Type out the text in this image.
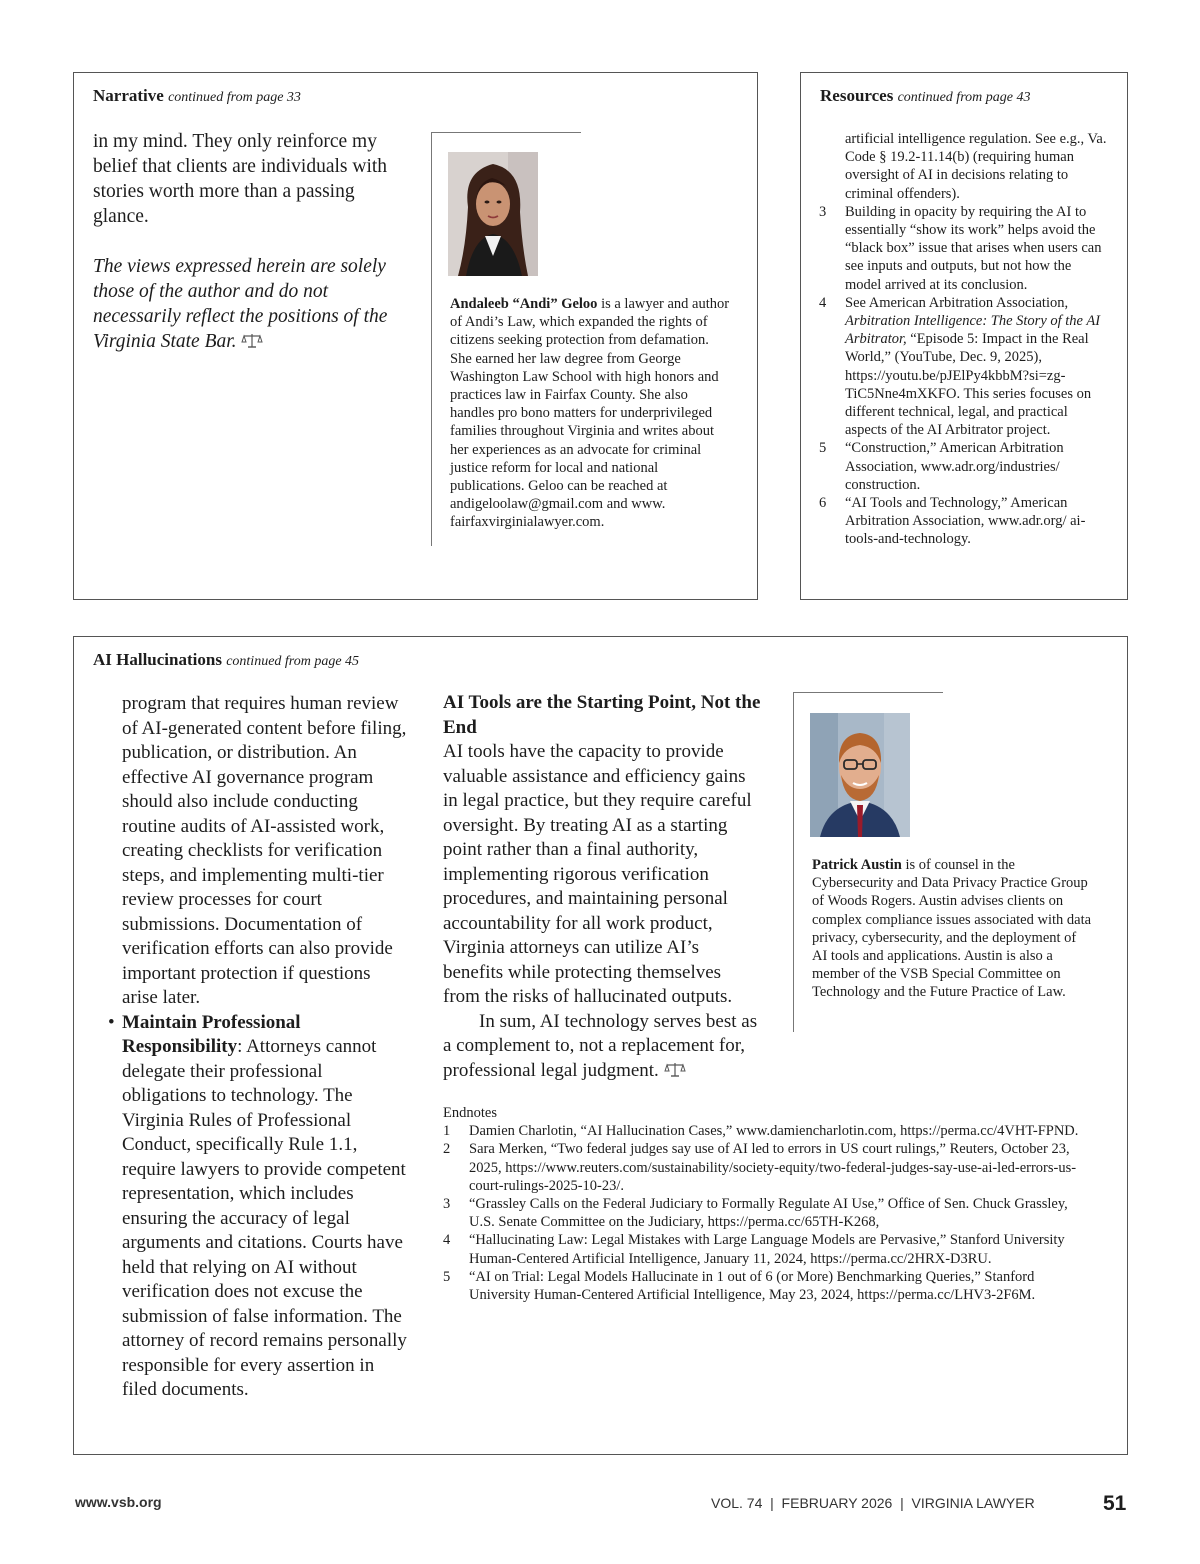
Narrative continued from page 33

in my mind. They only reinforce my belief that clients are individuals with stories worth more than a passing glance.

The views expressed herein are solely those of the author and do not necessarily reflect the positions of the Virginia State Bar.

Andaleeb “Andi” Geloo is a lawyer and author of Andi’s Law, which expanded the rights of citizens seeking protection from defamation. She earned her law degree from George Washington Law School with high honors and practices law in Fairfax County. She also handles pro bono matters for underprivileged families throughout Virginia and writes about her experiences as an advocate for criminal justice reform for local and national publications. Geloo can be reached at andigeloolaw@gmail.com and www. fairfaxvirginialawyer.com.
Resources continued from page 43
artificial intelligence regulation. See e.g., Va. Code § 19.2-11.14(b) (requiring human oversight of AI in decisions relating to criminal offenders).
3	Building in opacity by requiring the AI to essentially “show its work” helps avoid the “black box” issue that arises when users can see inputs and outputs, but not how the model arrived at its conclusion.
4	See American Arbitration Association, Arbitration Intelligence: The Story of the AI Arbitrator, “Episode 5: Impact in the Real World,” (YouTube, Dec. 9, 2025), https://youtu.be/pJElPy4kbbM?si=zg-TiC5Nne4mXKFO. This series focuses on different technical, legal, and practical aspects of the AI Arbitrator project.
5	“Construction,” American Arbitration Association, www.adr.org/industries/ construction.
6	“AI Tools and Technology,” American Arbitration Association, www.adr.org/ ai-tools-and-technology.
AI Hallucinations continued from page 45

program that requires human review of AI-generated content before filing, publication, or distribution. An effective AI governance program should also include conducting routine audits of AI-assisted work, creating checklists for verification steps, and implementing multi-tier review processes for court submissions. Documentation of verification efforts can also provide important protection if questions arise later.

• Maintain Professional Responsibility: Attorneys cannot delegate their professional obligations to technology. The Virginia Rules of Professional Conduct, specifically Rule 1.1, require lawyers to provide competent representation, which includes ensuring the accuracy of legal arguments and citations. Courts have held that relying on AI without verification does not excuse the submission of false information. The attorney of record remains personally responsible for every assertion in filed documents.

AI Tools are the Starting Point, Not the End

AI tools have the capacity to provide valuable assistance and efficiency gains in legal practice, but they require careful oversight. By treating AI as a starting point rather than a final authority, implementing rigorous verification procedures, and maintaining personal accountability for all work product, Virginia attorneys can utilize AI’s benefits while protecting themselves from the risks of hallucinated outputs.

In sum, AI technology serves best as a complement to, not a replacement for, professional legal judgment.

Patrick Austin is of counsel in the Cybersecurity and Data Privacy Practice Group of Woods Rogers. Austin advises clients on complex compliance issues associated with data privacy, cybersecurity, and the deployment of AI tools and applications. Austin is also a member of the VSB Special Committee on Technology and the Future Practice of Law.
Endnotes
1	Damien Charlotin, “AI Hallucination Cases,” www.damiencharlotin.com, https://perma.cc/4VHT-FPND.
2	Sara Merken, “Two federal judges say use of AI led to errors in US court rulings,” Reuters, October 23, 2025, https://www.reuters.com/sustainability/society-equity/two-federal-judges-say-use-ai-led-errors-us-court-rulings-2025-10-23/.
3	“Grassley Calls on the Federal Judiciary to Formally Regulate AI Use,” Office of Sen. Chuck Grassley, U.S. Senate Committee on the Judiciary, https://perma.cc/65TH-K268,
4	“Hallucinating Law: Legal Mistakes with Large Language Models are Pervasive,” Stanford University Human-Centered Artificial Intelligence, January 11, 2024, https://perma.cc/2HRX-D3RU.
5	“AI on Trial: Legal Models Hallucinate in 1 out of 6 (or More) Benchmarking Queries,” Stanford University Human-Centered Artificial Intelligence, May 23, 2024, https://perma.cc/LHV3-2F6M.
www.vsb.org	VOL. 74  |  FEBRUARY 2026  |  VIRGINIA LAWYER	51
